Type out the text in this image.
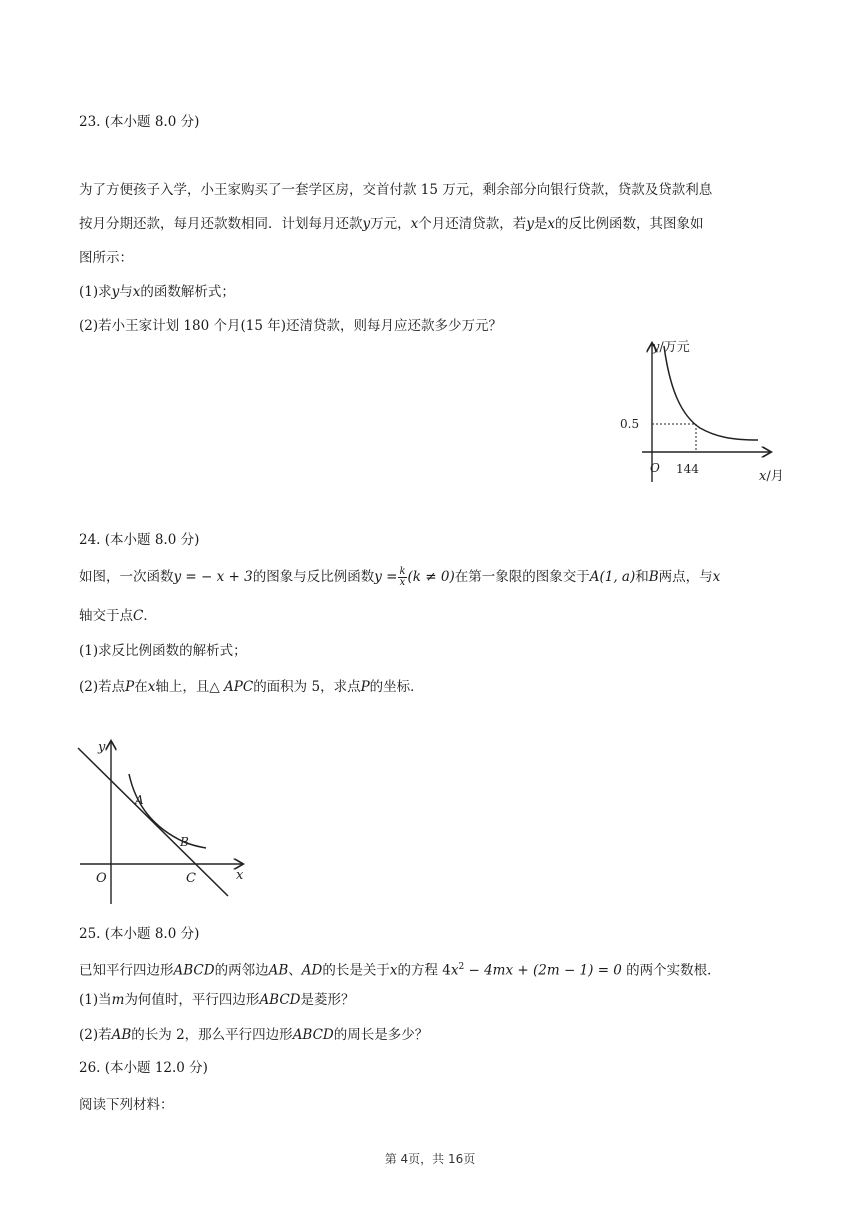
23. (本小题 8.0 分)
为了方便孩子入学，小王家购买了一套学区房，交首付款 15 万元，剩余部分向银行贷款，贷款及贷款利息
按月分期还款，每月还款数相同．计划每月还款y万元，x个月还清贷款，若y是x的反比例函数，其图象如
图所示：
(1)求y与x的函数解析式；
(2)若小王家计划 180 个月(15 年)还清贷款，则每月应还款多少万元？
y/万元
0.5
O 144	x/月
24. (本小题 8.0 分)
如图，一次函数y = − x + 3的图象与反比例函数$y = \frac{k}{x} (k \ne 0)$在第一象限的图象交于A(1, a)和B两点，与x
轴交于点C．
(1)求反比例函数的解析式；
(2)若点P在x轴上，且△ APC的面积为 5，求点P的坐标．
y
x
O
A
B
C
25. (本小题 8.0 分)
已知平行四边形ABCD的两邻边AB、AD的长是关于x的方程 $4x^2 - 4mx + (2m - 1) = 0$ 的两个实数根．
(1)当m为何值时，平行四边形ABCD是菱形？
(2)若AB的长为 2，那么平行四边形ABCD的周长是多少？
26. (本小题 12.0 分)
阅读下列材料：
第 4页，共 16页
